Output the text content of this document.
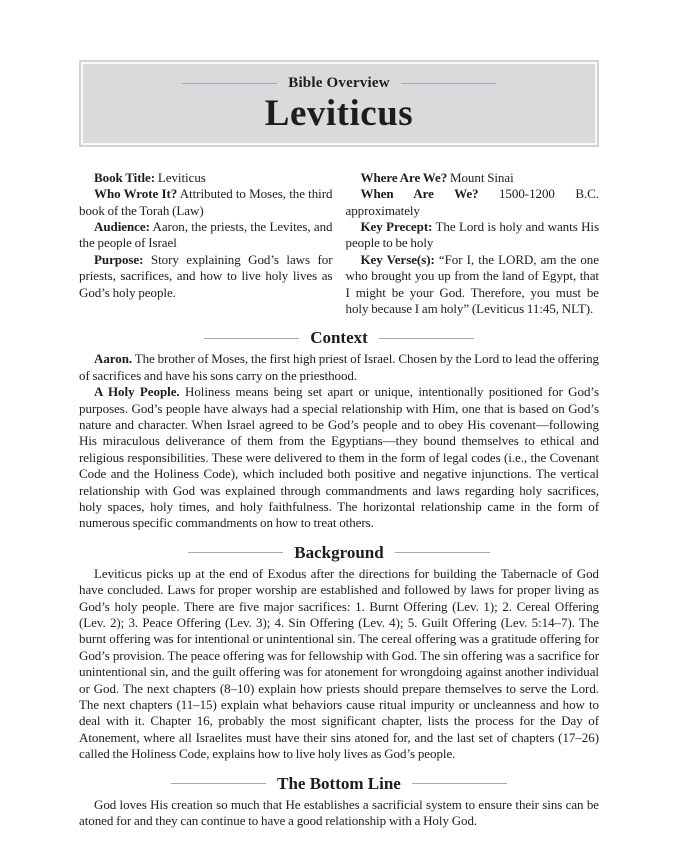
Bible Overview
Leviticus

Book Title: Leviticus

Who Wrote It? Attributed to Moses, the third book of the Torah (Law)

Audience: Aaron, the priests, the Levites, and the people of Israel

Purpose: Story explaining God’s laws for priests, sacrifices, and how to live holy lives as God’s holy people.

Where Are We? Mount Sinai

When Are We? 1500-1200 B.C. approximately

Key Precept: The Lord is holy and wants His people to be holy

Key Verse(s): “For I, the LORD, am the one who brought you up from the land of Egypt, that I might be your God. Therefore, you must be holy because I am holy” (Leviticus 11:45, NLT).

Context

Aaron. The brother of Moses, the first high priest of Israel. Chosen by the Lord to lead the offering of sacrifices and have his sons carry on the priesthood.

A Holy People. Holiness means being set apart or unique, intentionally positioned for God’s purposes. God’s people have always had a special relationship with Him, one that is based on God’s nature and character. When Israel agreed to be God’s people and to obey His covenant—following His miraculous deliverance of them from the Egyptians—they bound themselves to ethical and religious responsibilities. These were delivered to them in the form of legal codes (i.e., the Covenant Code and the Holiness Code), which included both positive and negative injunctions. The vertical relationship with God was explained through commandments and laws regarding holy sacrifices, holy spaces, holy times, and holy faithfulness. The horizontal relationship came in the form of numerous specific commandments on how to treat others.

Background

Leviticus picks up at the end of Exodus after the directions for building the Tabernacle of God have concluded. Laws for proper worship are established and followed by laws for proper living as God’s holy people. There are five major sacrifices: 1. Burnt Offering (Lev. 1); 2. Cereal Offering (Lev. 2); 3. Peace Offering (Lev. 3); 4. Sin Offering (Lev. 4); 5. Guilt Offering (Lev. 5:14–7). The burnt offering was for intentional or unintentional sin. The cereal offering was a gratitude offering for God’s provision. The peace offering was for fellowship with God. The sin offering was a sacrifice for unintentional sin, and the guilt offering was for atonement for wrongdoing against another individual or God. The next chapters (8–10) explain how priests should prepare themselves to serve the Lord. The next chapters (11–15) explain what behaviors cause ritual impurity or uncleanness and how to deal with it. Chapter 16, probably the most significant chapter, lists the process for the Day of Atonement, where all Israelites must have their sins atoned for, and the last set of chapters (17–26) called the Holiness Code, explains how to live holy lives as God’s people.

The Bottom Line

God loves His creation so much that He establishes a sacrificial system to ensure their sins can be atoned for and they can continue to have a good relationship with a Holy God.
